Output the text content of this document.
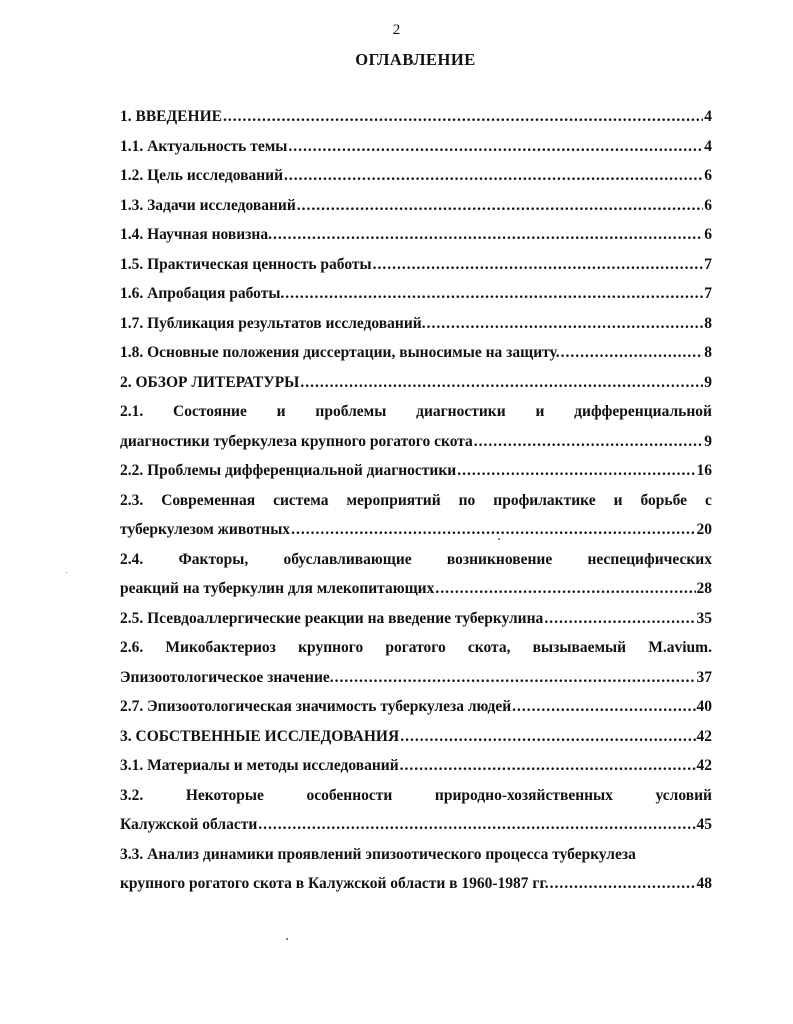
2
ОГЛАВЛЕНИЕ
1. ВВЕДЕНИЕ .....	4
1.1. Актуальность темы .....	4
1.2. Цель исследований .....	6
1.3. Задачи исследований .....	6
1.4. Научная новизна. .....	6
1.5. Практическая ценность работы .....	7
1.6. Апробация работы. .....	7
1.7. Публикация результатов исследований. .....	8
1.8. Основные положения диссертации, выносимые на защиту. .....	8
2. ОБЗОР ЛИТЕРАТУРЫ .....	9
2.1. Состояние и проблемы диагностики и дифференциальной
диагностики туберкулеза крупного рогатого скота .....	9
2.2. Проблемы дифференциальной диагностики .....	16
2.3. Современная система мероприятий по профилактике и борьбе с
туберкулезом животных .....	20
2.4. Факторы, обуславливающие возникновение неспецифических
реакций на туберкулин для млекопитающих .....	28
2.5. Псевдоаллергические реакции на введение туберкулина .....	35
2.6. Микобактериоз крупного рогатого скота, вызываемый M.avium.
Эпизоотологическое значение. .....	37
2.7. Эпизоотологическая значимость туберкулеза людей .....	40
3. СОБСТВЕННЫЕ ИССЛЕДОВАНИЯ .....	42
3.1. Материалы и методы исследований .....	42
3.2.	Некоторые	особенности	природно-хозяйственных	условий
Калужской области .....	45
3.3. Анализ динамики проявлений эпизоотического процесса туберкулеза
крупного рогатого скота в Калужской области в 1960-1987 гг. .....	48
